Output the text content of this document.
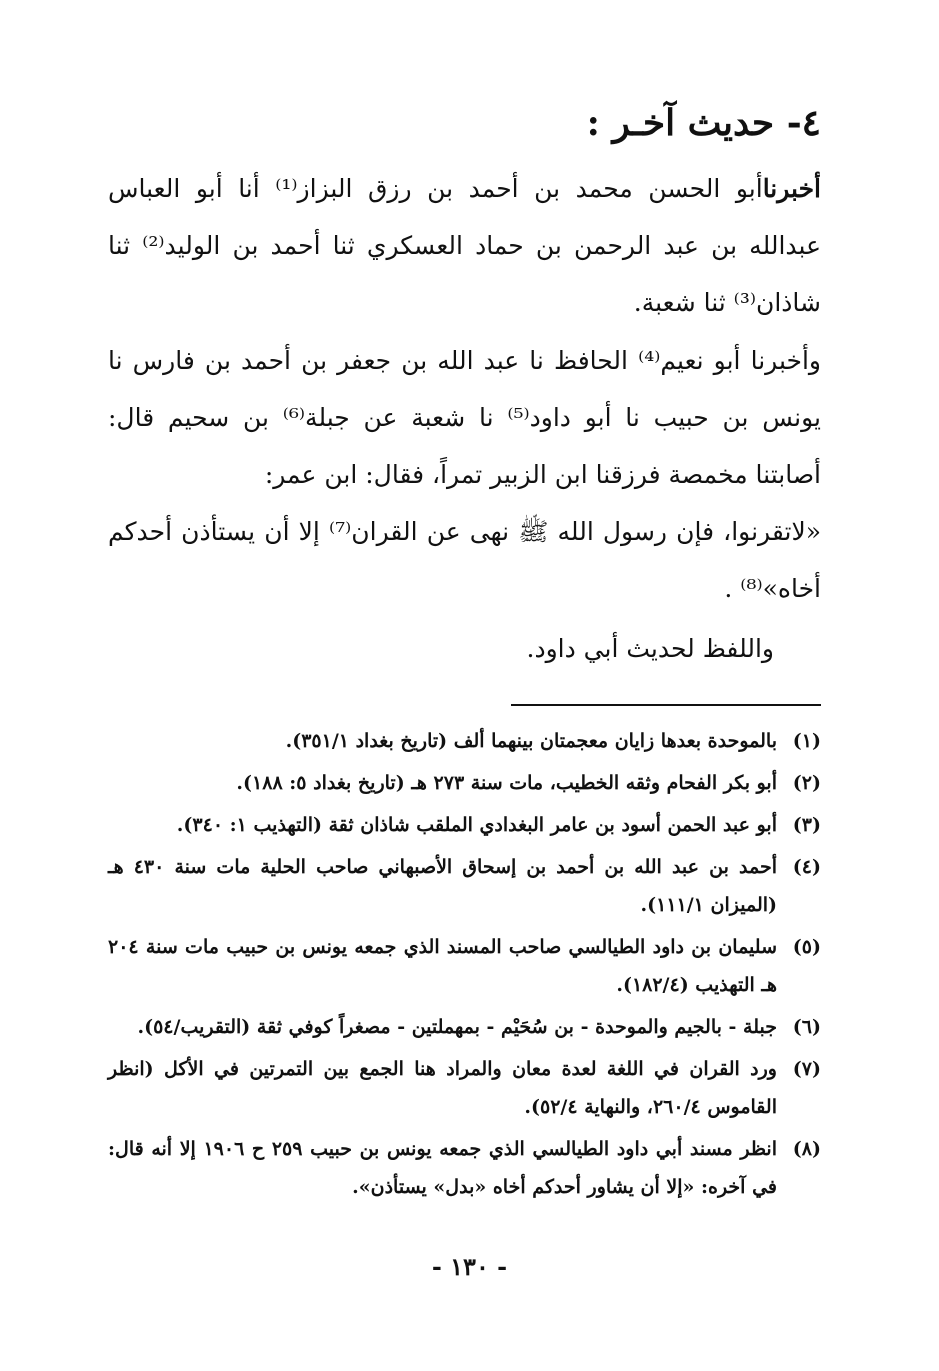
٤- حديث آخـر :

أخبرناأبو الحسن محمد بن أحمد بن رزق البزاز⁽¹⁾ أنا أبو العباس عبدالله بن عبد الرحمن بن حماد العسكري ثنا أحمد بن الوليد⁽²⁾ ثنا شاذان⁽³⁾ ثنا شعبة.

وأخبرنا أبو نعيم⁽⁴⁾ الحافظ نا عبد الله بن جعفر بن أحمد بن فارس نا يونس بن حبيب نا أبو داود⁽⁵⁾ نا شعبة عن جبلة⁽⁶⁾ بن سحيم قال: أصابتنا مخمصة فرزقنا ابن الزبير تمراً، فقال: ابن عمر:

«لاتقرنوا، فإن رسول الله ﷺ نهى عن القران⁽⁷⁾ إلا أن يستأذن أحدكم أخاه»⁽⁸⁾ .

واللفظ لحديث أبي داود.

(١)
بالموحدة بعدها زايان معجمتان بينهما ألف (تاريخ بغداد ٣٥١/١).
(٢)
أبو بكر الفحام وثقه الخطيب، مات سنة ٢٧٣ هـ (تاريخ بغداد ٥: ١٨٨).
(٣)
أبو عبد الحمن أسود بن عامر البغدادي الملقب شاذان ثقة (التهذيب ١: ٣٤٠).
(٤)
أحمد بن عبد الله بن أحمد بن إسحاق الأصبهاني صاحب الحلية مات سنة ٤٣٠ هـ (الميزان ١١١/١).
(٥)
سليمان بن داود الطيالسي صاحب المسند الذي جمعه يونس بن حبيب مات سنة ٢٠٤ هـ التهذيب (١٨٢/٤).
(٦)
جبلة - بالجيم والموحدة - بن سُحَيْم - بمهملتين - مصغراً كوفي ثقة (التقريب/٥٤).
(٧)
ورد القران في اللغة لعدة معان والمراد هنا الجمع بين التمرتين في الأكل (انظر القاموس ٢٦٠/٤، والنهاية ٥٢/٤).
(٨)
انظر مسند أبي داود الطيالسي الذي جمعه يونس بن حبيب ٢٥٩ ح ١٩٠٦ إلا أنه قال: في آخره: «إلا أن يشاور أحدكم أخاه «بدل» يستأذن».
- ١٣٠ -
